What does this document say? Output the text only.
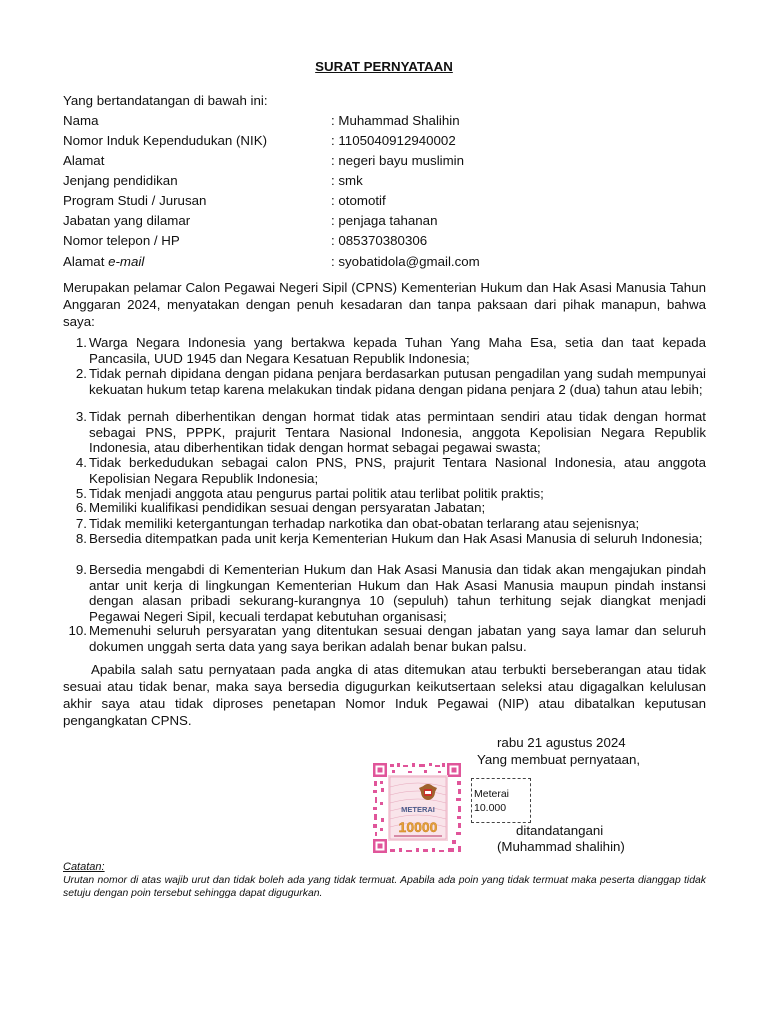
SURAT PERNYATAAN
Yang bertandatangan di bawah ini:
Nama	: Muhammad Shalihin
Nomor Induk Kependudukan (NIK)	: 1105040912940002
Alamat	: negeri bayu muslimin
Jenjang pendidikan	: smk
Program Studi / Jurusan	: otomotif
Jabatan yang dilamar	: penjaga tahanan
Nomor telepon / HP	: 085370380306
Alamat e-mail	: syobatidola@gmail.com

Merupakan pelamar Calon Pegawai Negeri Sipil (CPNS) Kementerian Hukum dan Hak Asasi Manusia Tahun Anggaran 2024, menyatakan dengan penuh kesadaran dan tanpa paksaan dari pihak manapun, bahwa saya:

1. Warga Negara Indonesia yang bertakwa kepada Tuhan Yang Maha Esa, setia dan taat kepada Pancasila, UUD 1945 dan Negara Kesatuan Republik Indonesia;
2. Tidak pernah dipidana dengan pidana penjara berdasarkan putusan pengadilan yang sudah mempunyai kekuatan hukum tetap karena melakukan tindak pidana dengan pidana penjara 2 (dua) tahun atau lebih;
3. Tidak pernah diberhentikan dengan hormat tidak atas permintaan sendiri atau tidak dengan hormat sebagai PNS, PPPK, prajurit Tentara Nasional Indonesia, anggota Kepolisian Negara Republik Indonesia, atau diberhentikan tidak dengan hormat sebagai pegawai swasta;
4. Tidak berkedudukan sebagai calon PNS, PNS, prajurit Tentara Nasional Indonesia, atau anggota Kepolisian Negara Republik Indonesia;
5. Tidak menjadi anggota atau pengurus partai politik atau terlibat politik praktis;
6. Memiliki kualifikasi pendidikan sesuai dengan persyaratan Jabatan;
7. Tidak memiliki ketergantungan terhadap narkotika dan obat-obatan terlarang atau sejenisnya;
8. Bersedia ditempatkan pada unit kerja Kementerian Hukum dan Hak Asasi Manusia di seluruh Indonesia;
9. Bersedia mengabdi di Kementerian Hukum dan Hak Asasi Manusia dan tidak akan mengajukan pindah antar unit kerja di lingkungan Kementerian Hukum dan Hak Asasi Manusia maupun pindah instansi dengan alasan pribadi sekurang-kurangnya 10 (sepuluh) tahun terhitung sejak diangkat menjadi Pegawai Negeri Sipil, kecuali terdapat kebutuhan organisasi;
10. Memenuhi seluruh persyaratan yang ditentukan sesuai dengan jabatan yang saya lamar dan seluruh dokumen unggah serta data yang saya berikan adalah benar bukan palsu.

Apabila salah satu pernyataan pada angka di atas ditemukan atau terbukti berseberangan atau tidak sesuai atau tidak benar, maka saya bersedia digugurkan keikutsertaan seleksi atau digagalkan kelulusan akhir saya atau tidak diproses penetapan Nomor Induk Pegawai (NIP) atau dibatalkan keputusan pengangkatan CPNS.

rabu 21 agustus 2024
Yang membuat pernyataan,
METERAI
10000
Meterai
10.000
ditandatangani
(Muhammad shalihin)
Catatan:
Urutan nomor di atas wajib urut dan tidak boleh ada yang tidak termuat. Apabila ada poin yang tidak termuat maka peserta dianggap tidak setuju dengan poin tersebut sehingga dapat digugurkan.
